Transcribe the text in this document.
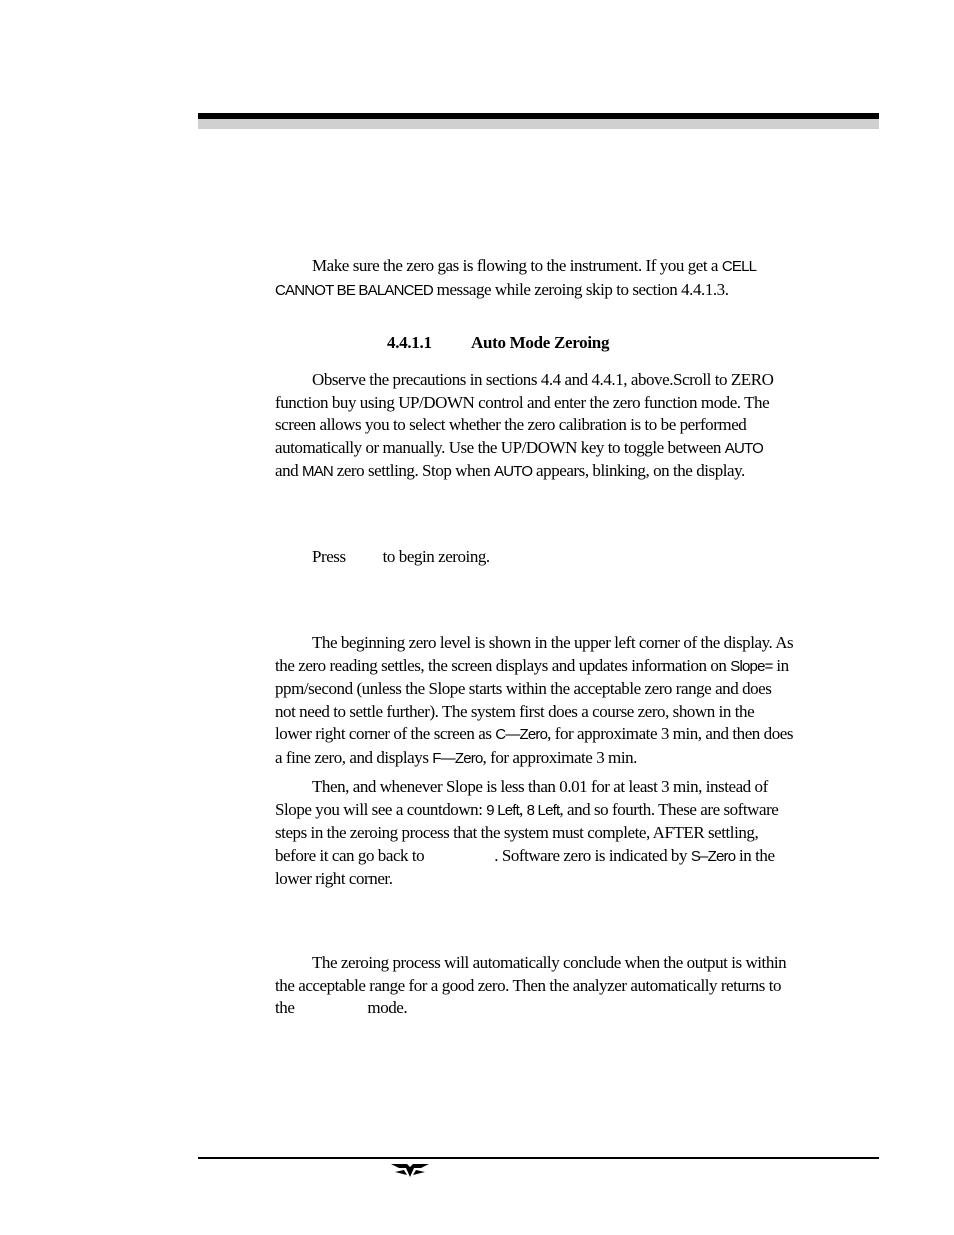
Make sure the zero gas is flowing to the instrument. If you get a CELL
CANNOT BE BALANCED message while zeroing skip to section 4.4.1.3.
4.4.1.1 Auto Mode Zeroing
Observe the precautions in sections 4.4 and 4.4.1, above.Scroll to ZERO
function buy using UP/DOWN control and enter the zero function mode. The
screen allows you to select whether the zero calibration is to be performed
automatically or manually. Use the UP/DOWN key to toggle between AUTO
and MAN zero settling. Stop when AUTO appears, blinking, on the display.
Press to begin zeroing.
The beginning zero level is shown in the upper left corner of the display. As
the zero reading settles, the screen displays and updates information on Slope= in
ppm/second (unless the Slope starts within the acceptable zero range and does
not need to settle further). The system first does a course zero, shown in the
lower right corner of the screen as C—Zero, for approximate 3 min, and then does
a fine zero, and displays F—Zero, for approximate 3 min.
Then, and whenever Slope is less than 0.01 for at least 3 min, instead of
Slope you will see a countdown: 9 Left, 8 Left, and so fourth. These are software
steps in the zeroing process that the system must complete, AFTER settling,
before it can go back to	. Software zero is indicated by S–Zero in the
lower right corner.
The zeroing process will automatically conclude when the output is within
the acceptable range for a good zero. Then the analyzer automatically returns to
the	mode.
